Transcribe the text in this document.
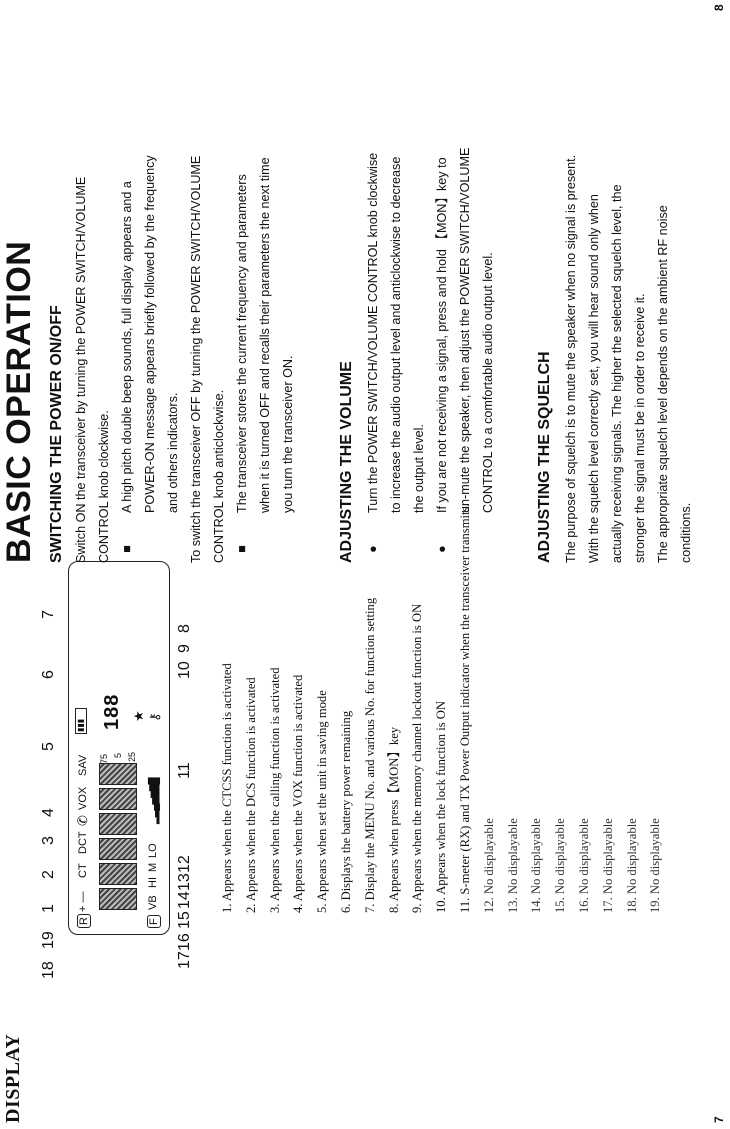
7
8
DISPLAY
18
19
1
2
3
4
5
6
7
R
+ —
CT
DCT
✆
VOX
SAV
▮▮▮
75 5 25
188
F
VB
HI
M
LO
▂▃▄▅▆▇█
★ ⚷
17
16
15
14
13
12
11
10
9
8
1. Appears when the CTCSS function is activated 2. Appears when the DCS function is activated 3. Appears when the calling function is activated 4. Appears when the VOX function is activated 5. Appears when set the unit in saving mode 6. Displays the battery power remaining 7. Display the MENU No. and various No. for function setting 8. Appears when press【MON】key 9. Appears when the memory channel lockout function is ON 10. Appears when the lock function is ON 11. S-meter (RX) and TX Power Output indicator when the transceiver transmits. 12. No displayable 13. No displayable 14. No displayable 15. No displayable 16. No displayable 17. No displayable 18. No displayable 19. No displayable
BASIC OPERATION SWITCHING THE POWER ON/OFF Switch ON the transceiver by turning the POWER SWITCH/VOLUME CONTROL knob clockwise. ■

A high pitch double beep sounds, full display appears and a POWER-ON message appears briefly followed by the frequency and others indicators. To switch the transceiver OFF by turning the POWER SWITCH/VOLUME CONTROL knob anticlockwise. ■

The transceiver stores the current frequency and parameters when it is turned OFF and recalls their parameters the next time you turn the transceiver ON.	ADJUSTING THE VOLUME ●

Turn the POWER SWITCH/VOLUME CONTROL knob clockwise to increase the audio output level and anticlockwise to decrease the output level.

●

If you are not receiving a signal, press and hold 【MON】key to un-mute the speaker, then adjust the POWER SWITCH/VOLUME CONTROL to a comfortable audio output level.	ADJUSTING THE SQUELCH The purpose of squelch is to mute the speaker when no signal is present. With the squelch level correctly set, you will hear sound only when actually receiving signals. The higher the selected squelch level, the stronger the signal must be in order to receive it. The appropriate squelch level depends on the ambient RF noise conditions.
